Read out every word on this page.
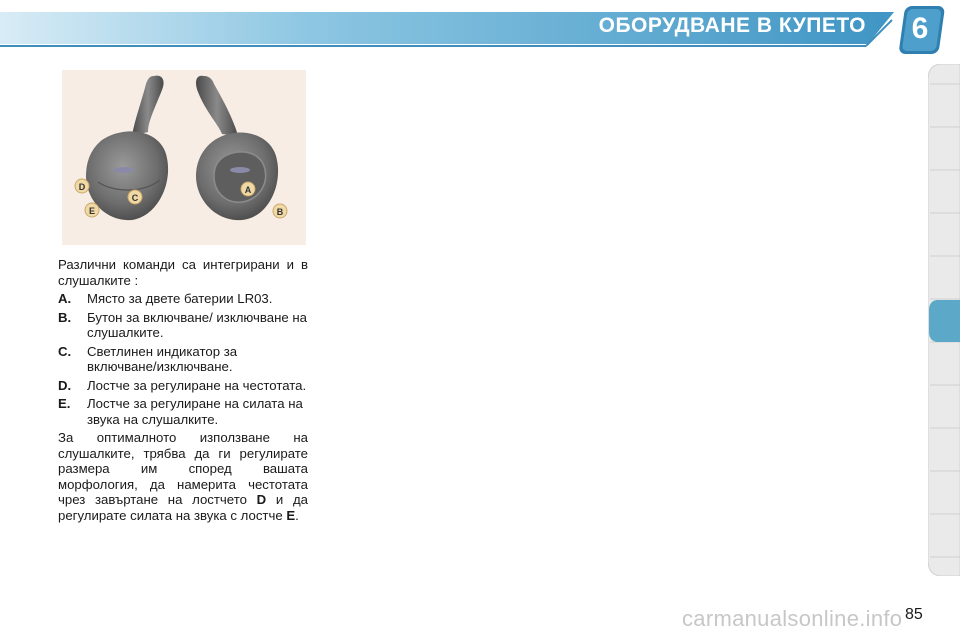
ОБОРУДВАНЕ В КУПЕТО 6
D
C
E
A
B
Различни команди са интегрирани и в слушалките :
A.	Място за двете батерии LR03.
B.	Бутон за включване/ изключване на слушалките.
C.	Светлинен индикатор за включване/изключване.
D.	Лостче за регулиране на честотата.
E.	Лостче за регулиране на силата на звука на слушалките.
За оптималното използване на слушалките, трябва да ги регулирате размера им според вашата морфология, да намерита честотата чрез завъртане на лостчето D и да регулирате силата на звука с лостче E.
carmanualsonline.info 85
